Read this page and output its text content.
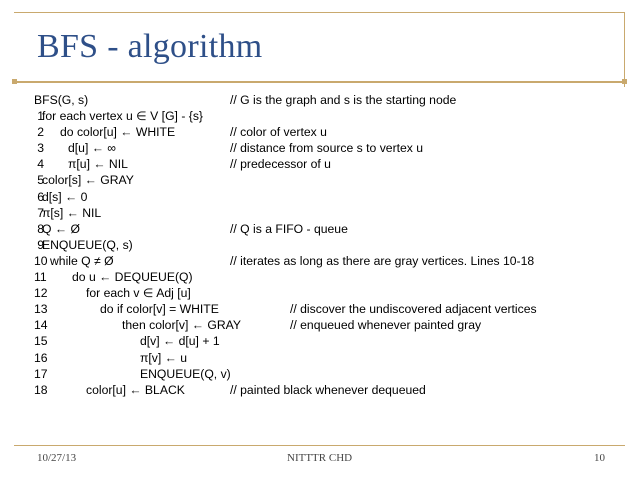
BFS - algorithm
BFS(G, s)	// G is the graph and s is the starting node
1
for each vertex u ∈ V [G] - {s}
2 do color[u] ← WHITE	// color of vertex u
3 d[u] ← ∞	// distance from source s to vertex u
4 π[u] ← NIL	// predecessor of u
5
color[s] ← GRAY
6
d[s] ← 0
7
π[s] ← NIL
8
Q ← Ø	// Q is a FIFO - queue
9
ENQUEUE(Q, s)
10 while Q ≠ Ø	// iterates as long as there are gray vertices. Lines 10-18
11 do u ← DEQUEUE(Q)
12	for each v ∈ Adj [u]
13	do if color[v] = WHITE	// discover the undiscovered adjacent vertices
14	then color[v] ← GRAY	// enqueued whenever painted gray
15	d[v] ← d[u] + 1
16	π[v] ← u
17	ENQUEUE(Q, v)
18	color[u] ← BLACK	// painted black whenever dequeued
10/27/13	NITTTR CHD	10
